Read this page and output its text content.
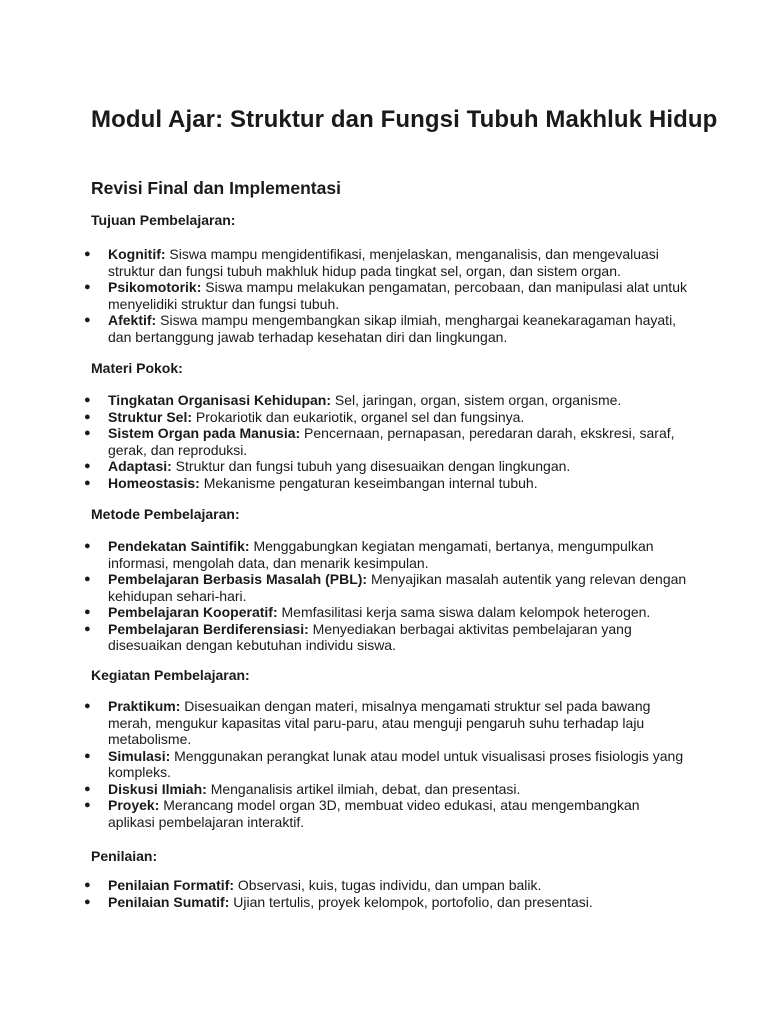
Modul Ajar: Struktur dan Fungsi Tubuh Makhluk Hidup
Revisi Final dan Implementasi
Tujuan Pembelajaran:
● Kognitif: Siswa mampu mengidentifikasi, menjelaskan, menganalisis, dan mengevaluasi struktur dan fungsi tubuh makhluk hidup pada tingkat sel, organ, dan sistem organ.
● Psikomotorik: Siswa mampu melakukan pengamatan, percobaan, dan manipulasi alat untuk menyelidiki struktur dan fungsi tubuh.
● Afektif: Siswa mampu mengembangkan sikap ilmiah, menghargai keanekaragaman hayati, dan bertanggung jawab terhadap kesehatan diri dan lingkungan.
Materi Pokok:
● Tingkatan Organisasi Kehidupan: Sel, jaringan, organ, sistem organ, organisme.
● Struktur Sel: Prokariotik dan eukariotik, organel sel dan fungsinya.
● Sistem Organ pada Manusia: Pencernaan, pernapasan, peredaran darah, ekskresi, saraf, gerak, dan reproduksi.
● Adaptasi: Struktur dan fungsi tubuh yang disesuaikan dengan lingkungan.
● Homeostasis: Mekanisme pengaturan keseimbangan internal tubuh.
Metode Pembelajaran:
● Pendekatan Saintifik: Menggabungkan kegiatan mengamati, bertanya, mengumpulkan informasi, mengolah data, dan menarik kesimpulan.
● Pembelajaran Berbasis Masalah (PBL): Menyajikan masalah autentik yang relevan dengan kehidupan sehari-hari.
● Pembelajaran Kooperatif: Memfasilitasi kerja sama siswa dalam kelompok heterogen.
● Pembelajaran Berdiferensiasi: Menyediakan berbagai aktivitas pembelajaran yang disesuaikan dengan kebutuhan individu siswa.
Kegiatan Pembelajaran:
● Praktikum: Disesuaikan dengan materi, misalnya mengamati struktur sel pada bawang merah, mengukur kapasitas vital paru-paru, atau menguji pengaruh suhu terhadap laju metabolisme.
● Simulasi: Menggunakan perangkat lunak atau model untuk visualisasi proses fisiologis yang kompleks.
● Diskusi Ilmiah: Menganalisis artikel ilmiah, debat, dan presentasi.
● Proyek: Merancang model organ 3D, membuat video edukasi, atau mengembangkan aplikasi pembelajaran interaktif.
Penilaian:
● Penilaian Formatif: Observasi, kuis, tugas individu, dan umpan balik.
● Penilaian Sumatif: Ujian tertulis, proyek kelompok, portofolio, dan presentasi.
